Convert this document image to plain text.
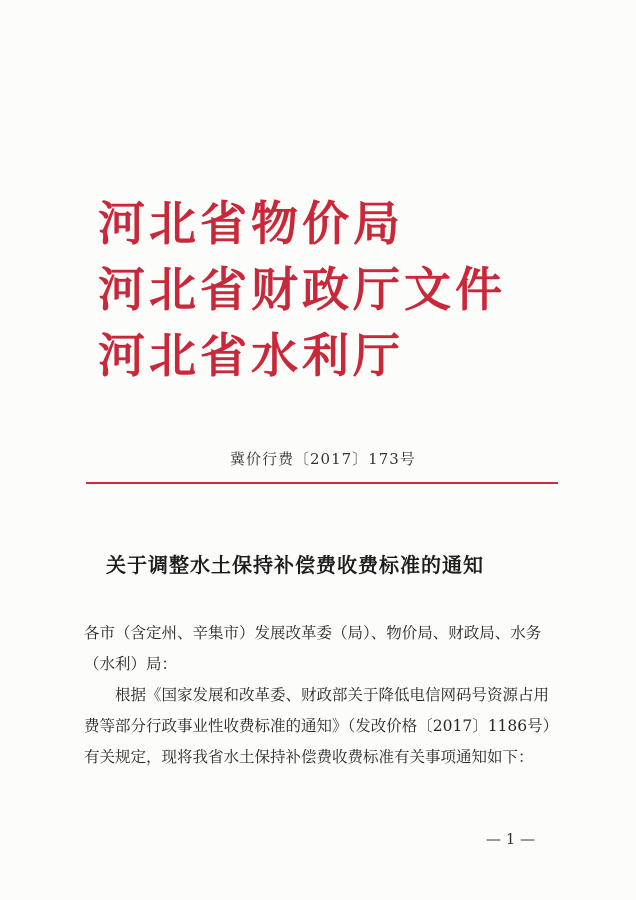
河北省物价局
河北省财政厅文件
河北省水利厅
冀价行费〔2017〕173号
关于调整水土保持补偿费收费标准的通知

各市（含定州、辛集市）发展改革委（局）、物价局、财政局、水务（水利）局：

根据《国家发展和改革委、财政部关于降低电信网码号资源占用费等部分行政事业性收费标准的通知》（发改价格〔2017〕1186号）有关规定，现将我省水土保持补偿费收费标准有关事项通知如下：

— 1 —
